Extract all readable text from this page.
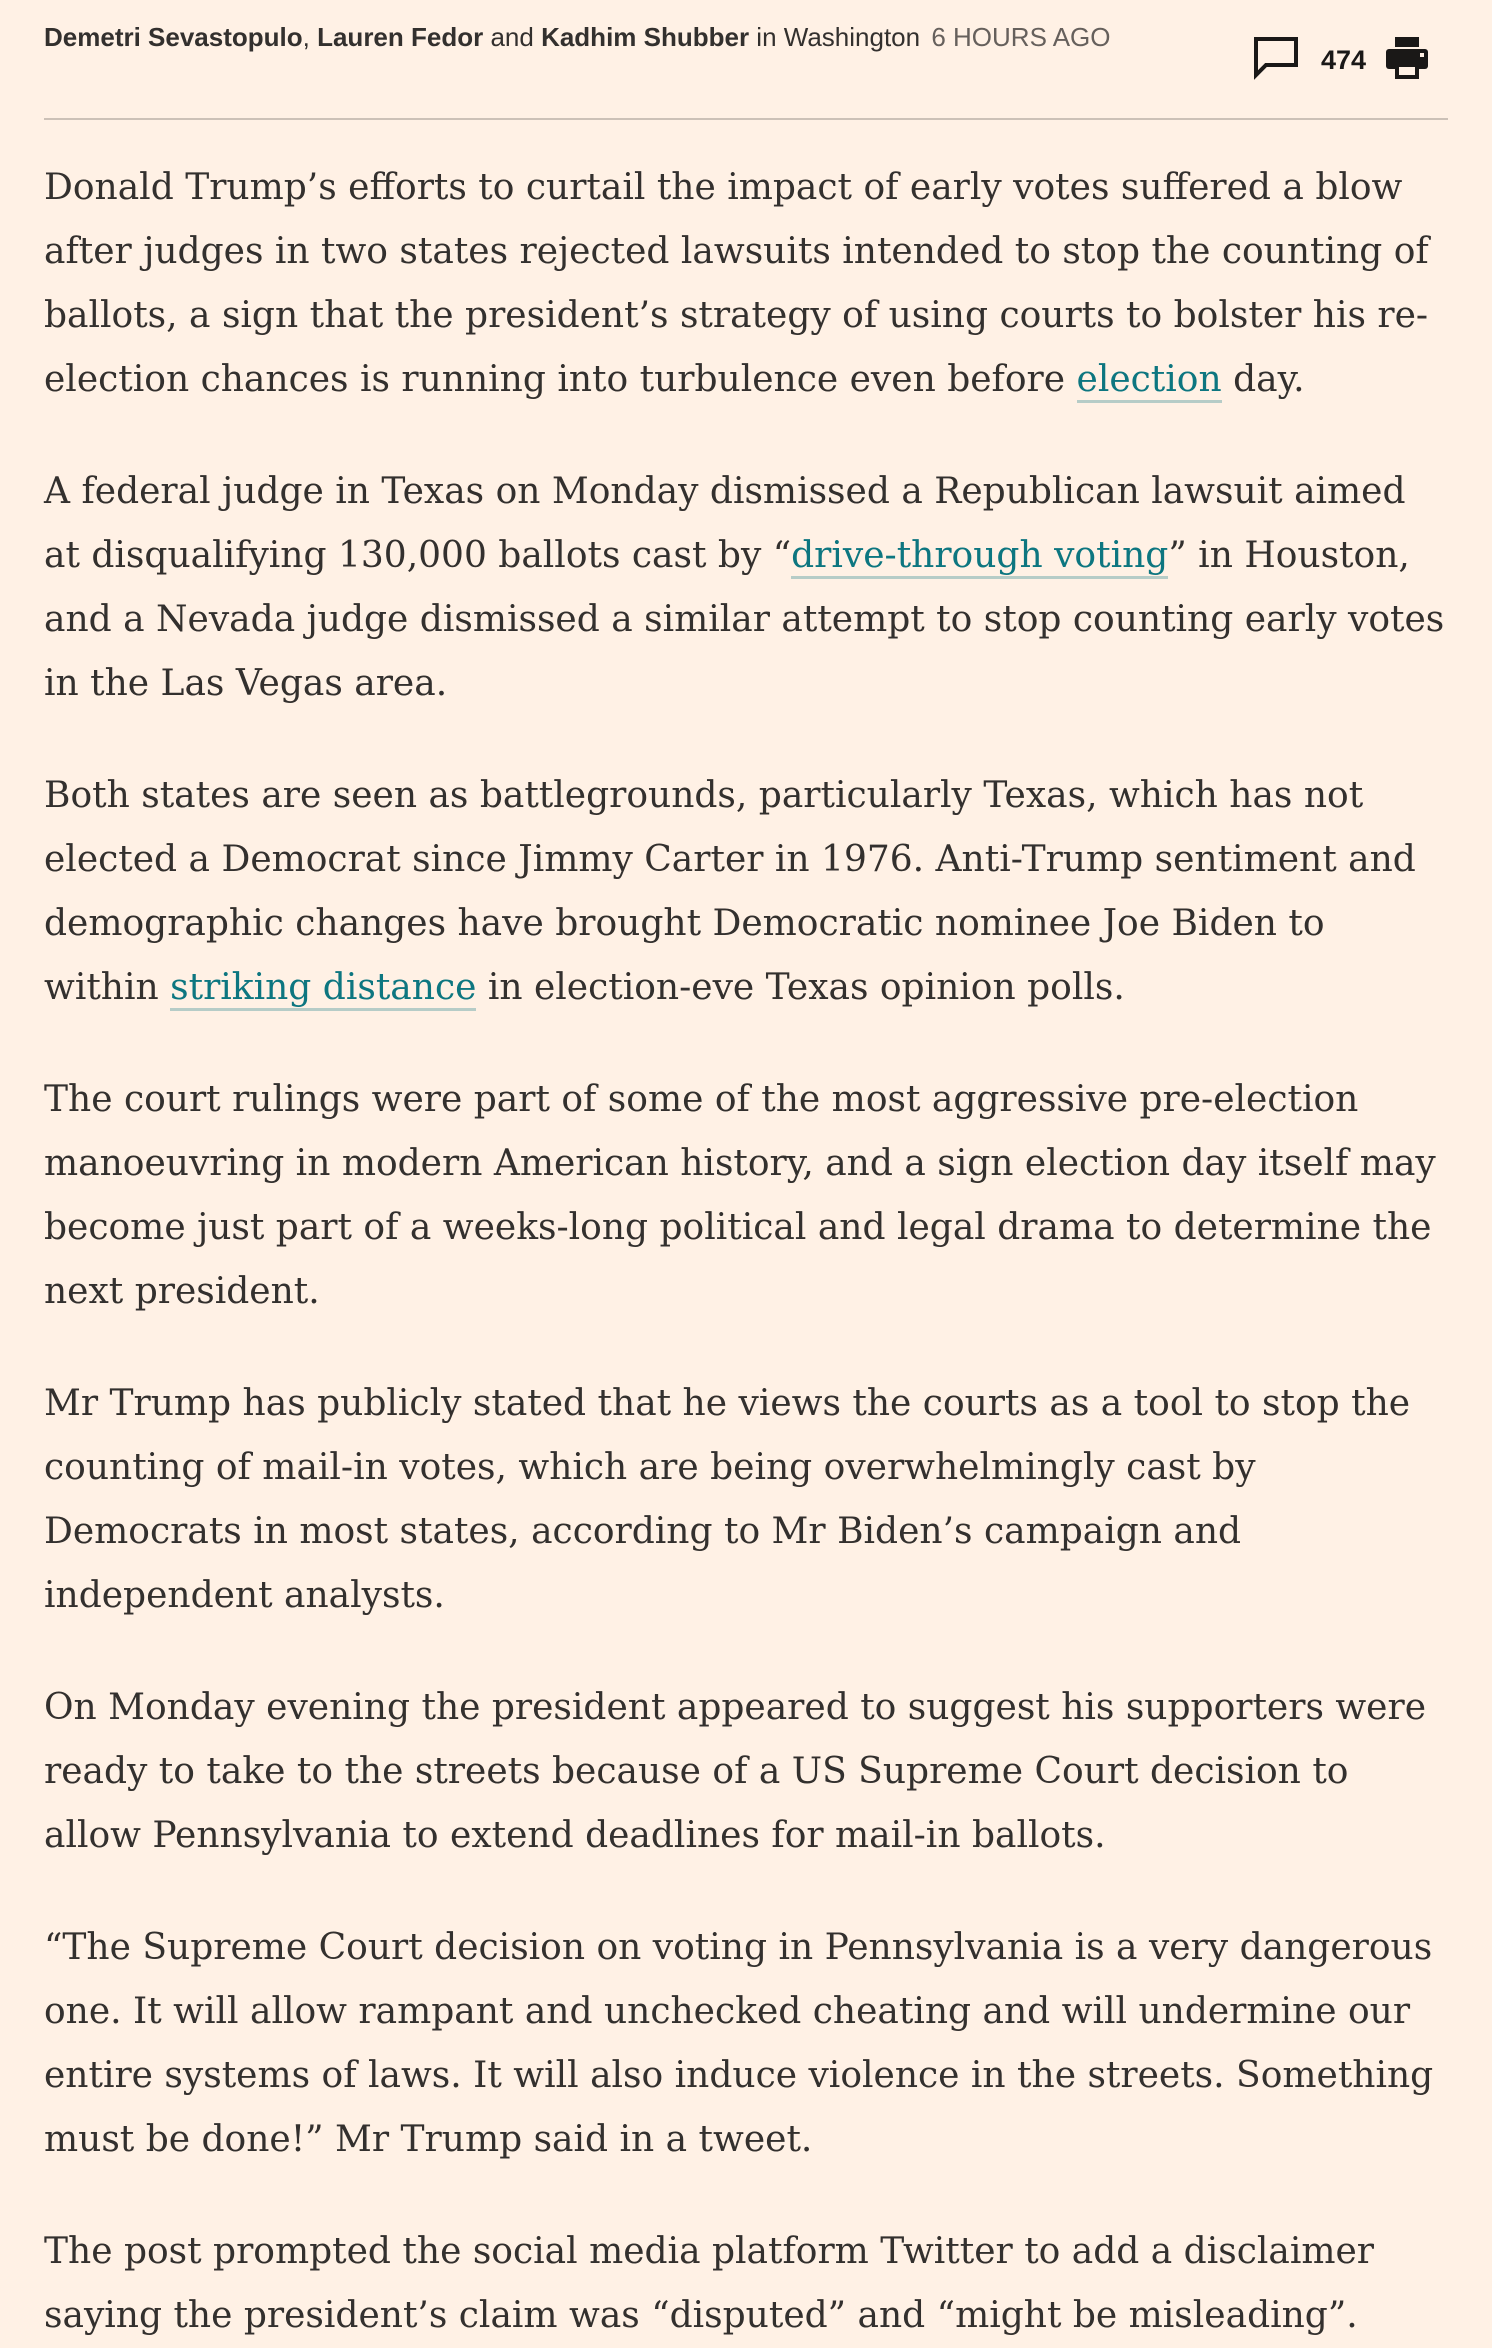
Demetri Sevastopulo, Lauren Fedor and Kadhim Shubber in Washington 6 HOURS AGO
474

Donald Trump’s efforts to curtail the impact of early votes suffered a blow after judges in two states rejected lawsuits intended to stop the counting of ballots, a sign that the president’s strategy of using courts to bolster his re-election chances is running into turbulence even before election day.

A federal judge in Texas on Monday dismissed a Republican lawsuit aimed at disqualifying 130,000 ballots cast by “drive-through voting” in Houston, and a Nevada judge dismissed a similar attempt to stop counting early votes in the Las Vegas area.

Both states are seen as battlegrounds, particularly Texas, which has not elected a Democrat since Jimmy Carter in 1976. Anti-Trump sentiment and demographic changes have brought Democratic nominee Joe Biden to within striking distance in election-eve Texas opinion polls.

The court rulings were part of some of the most aggressive pre-election manoeuvring in modern American history, and a sign election day itself may become just part of a weeks-long political and legal drama to determine the next president.

Mr Trump has publicly stated that he views the courts as a tool to stop the counting of mail-in votes, which are being overwhelmingly cast by Democrats in most states, according to Mr Biden’s campaign and independent analysts.

On Monday evening the president appeared to suggest his supporters were ready to take to the streets because of a US Supreme Court decision to allow Pennsylvania to extend deadlines for mail-in ballots.

“The Supreme Court decision on voting in Pennsylvania is a very dangerous one. It will allow rampant and unchecked cheating and will undermine our entire systems of laws. It will also induce violence in the streets. Something must be done!” Mr Trump said in a tweet.

The post prompted the social media platform Twitter to add a disclaimer saying the president’s claim was “disputed” and “might be misleading”.
